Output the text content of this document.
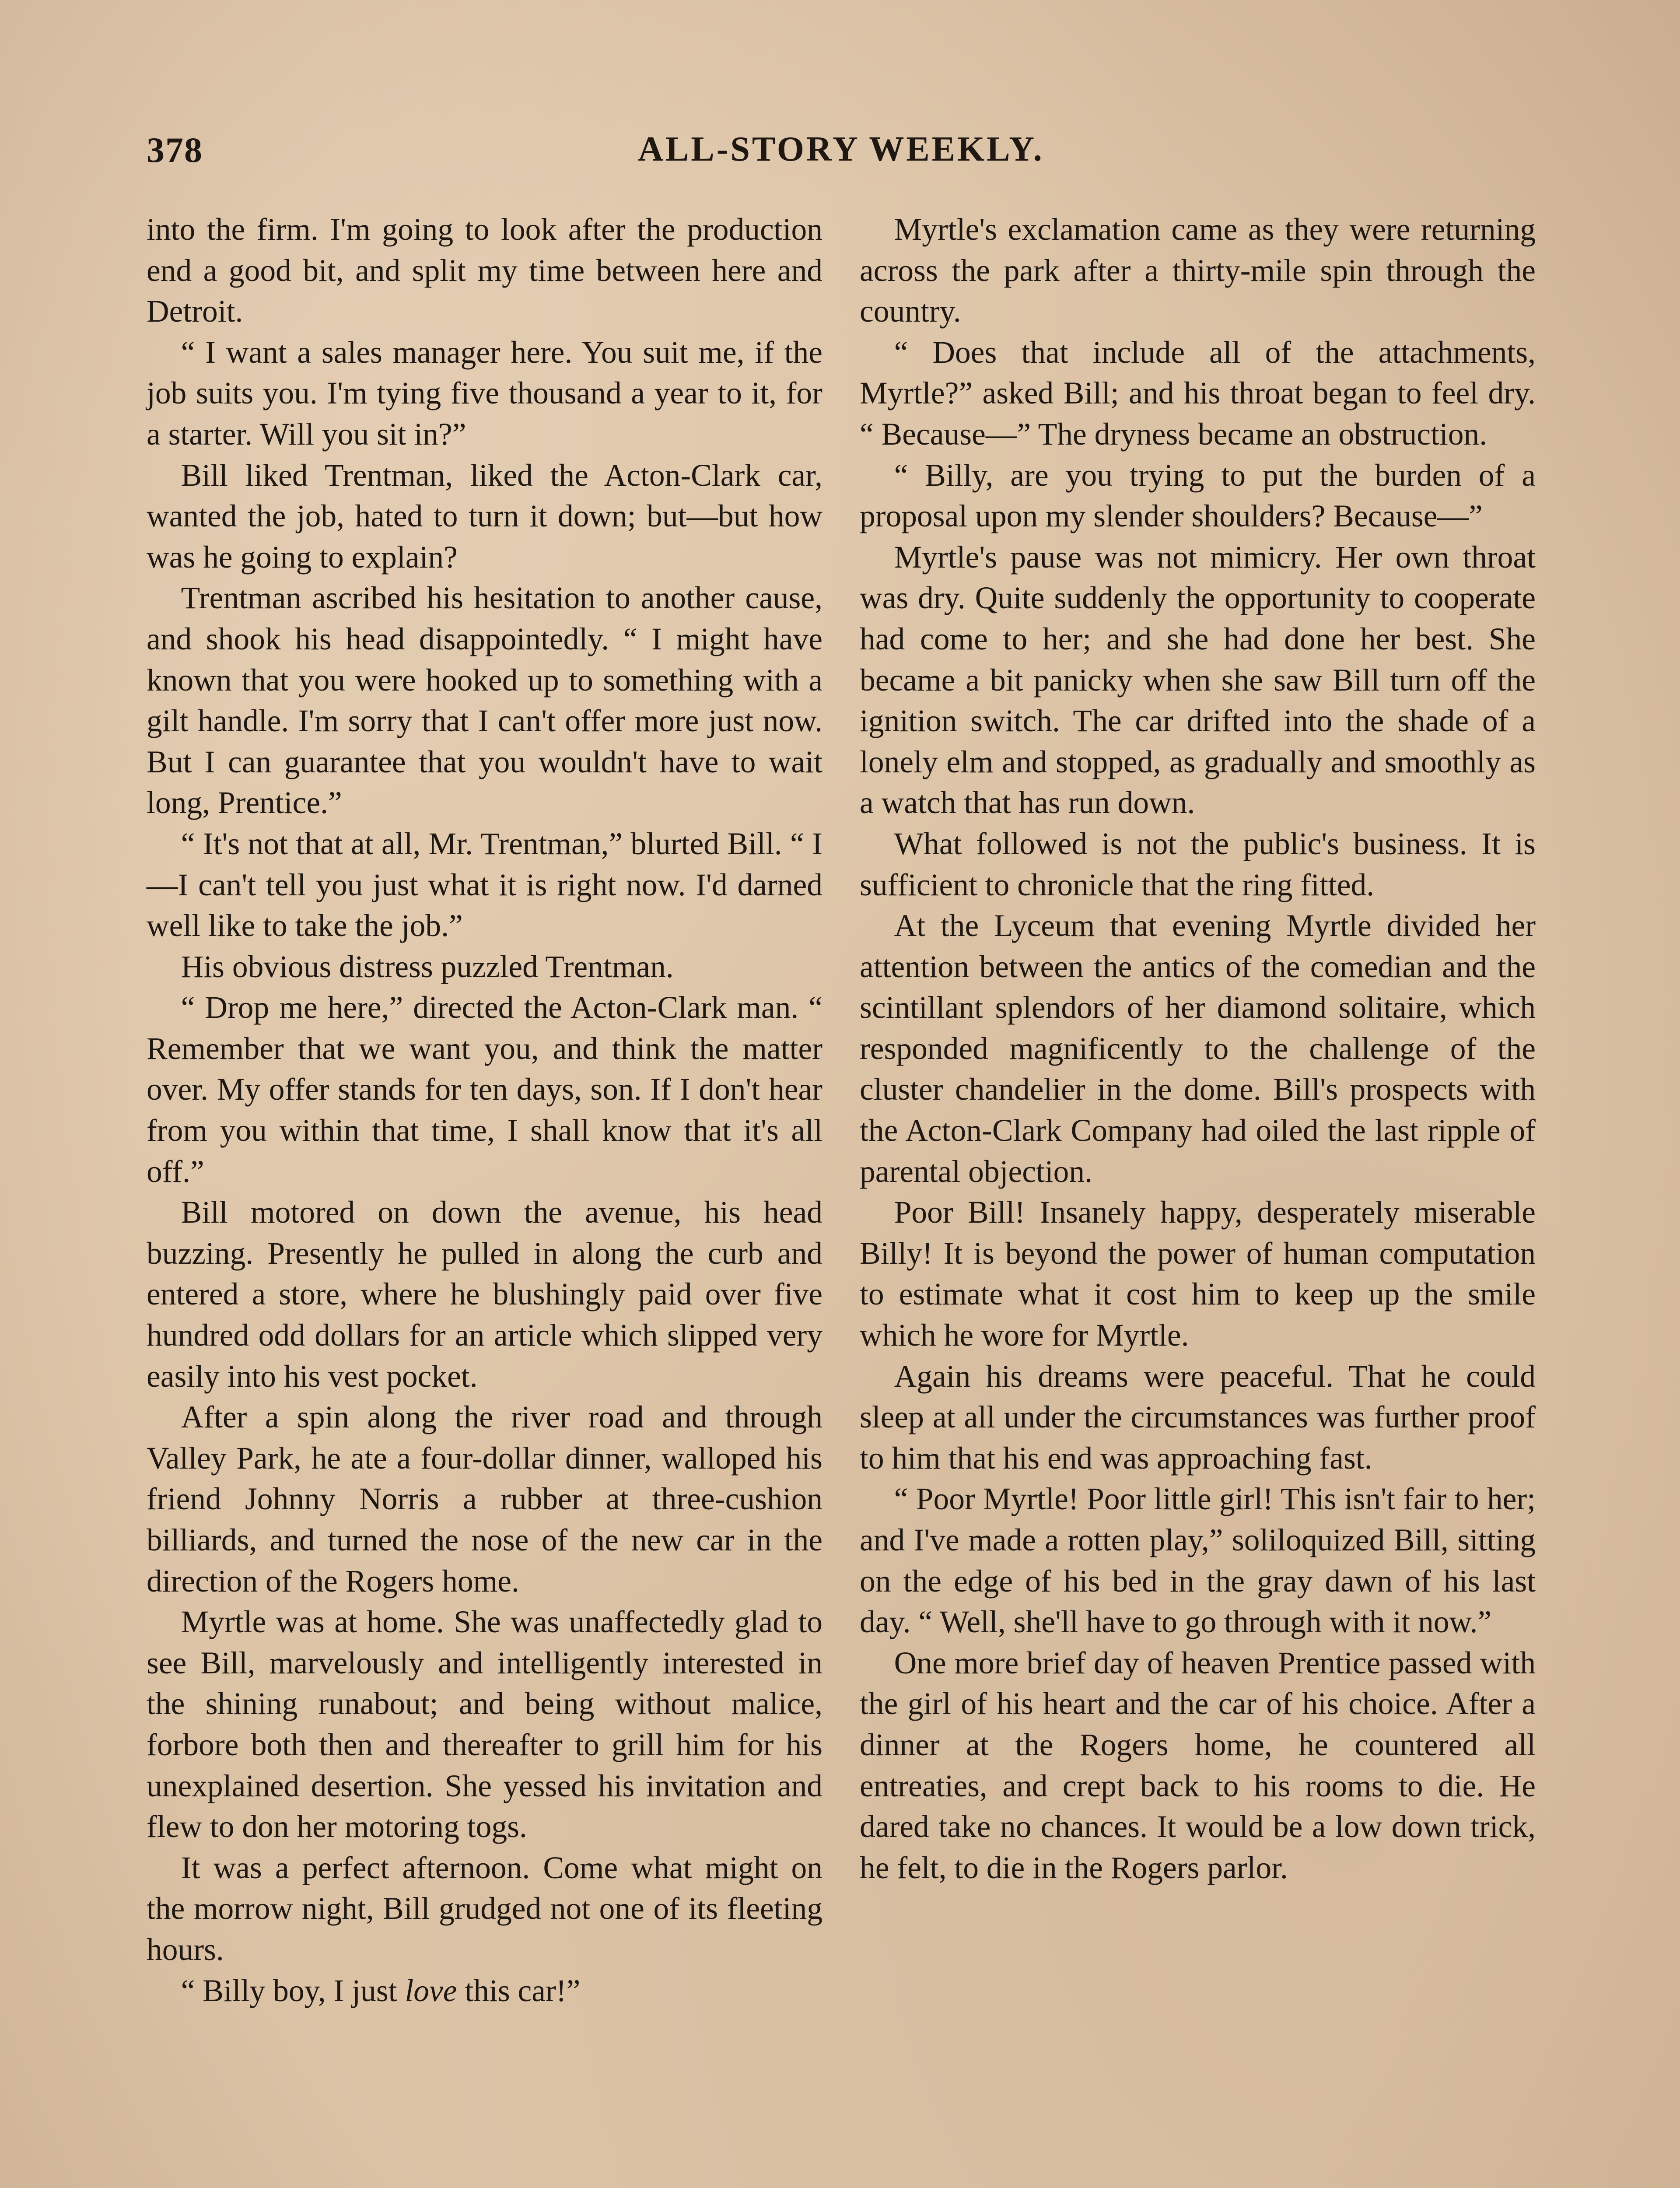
378	ALL-STORY WEEKLY.

into the firm. I'm going to look after the production end a good bit, and split my time between here and Detroit.

“ I want a sales manager here. You suit me, if the job suits you. I'm tying five thousand a year to it, for a starter. Will you sit in?”

Bill liked Trentman, liked the Acton-Clark car, wanted the job, hated to turn it down; but—but how was he going to explain?

Trentman ascribed his hesitation to another cause, and shook his head disappointedly. “ I might have known that you were hooked up to something with a gilt handle. I'm sorry that I can't offer more just now. But I can guarantee that you wouldn't have to wait long, Prentice.”

“ It's not that at all, Mr. Trentman,” blurted Bill. “ I—I can't tell you just what it is right now. I'd darned well like to take the job.”

His obvious distress puzzled Trentman.

“ Drop me here,” directed the Acton-Clark man. “ Remember that we want you, and think the matter over. My offer stands for ten days, son. If I don't hear from you within that time, I shall know that it's all off.”

Bill motored on down the avenue, his head buzzing. Presently he pulled in along the curb and entered a store, where he blushingly paid over five hundred odd dollars for an article which slipped very easily into his vest pocket.

After a spin along the river road and through Valley Park, he ate a four-dollar dinner, walloped his friend Johnny Norris a rubber at three-cushion billiards, and turned the nose of the new car in the direction of the Rogers home.

Myrtle was at home. She was unaffectedly glad to see Bill, marvelously and intelligently interested in the shining runabout; and being without malice, forbore both then and thereafter to grill him for his unexplained desertion. She yessed his invitation and flew to don her motoring togs.

It was a perfect afternoon. Come what might on the morrow night, Bill grudged not one of its fleeting hours.

“ Billy boy, I just love this car!”

Myrtle's exclamation came as they were returning across the park after a thirty-mile spin through the country.

“ Does that include all of the attachments, Myrtle?” asked Bill; and his throat began to feel dry. “ Because—” The dryness became an obstruction.

“ Billy, are you trying to put the burden of a proposal upon my slender shoulders? Because—”

Myrtle's pause was not mimicry. Her own throat was dry. Quite suddenly the opportunity to cooperate had come to her; and she had done her best. She became a bit panicky when she saw Bill turn off the ignition switch. The car drifted into the shade of a lonely elm and stopped, as gradually and smoothly as a watch that has run down.

What followed is not the public's business. It is sufficient to chronicle that the ring fitted.

At the Lyceum that evening Myrtle divided her attention between the antics of the comedian and the scintillant splendors of her diamond solitaire, which responded magnificently to the challenge of the cluster chandelier in the dome. Bill's prospects with the Acton-Clark Company had oiled the last ripple of parental objection.

Poor Bill! Insanely happy, desperately miserable Billy! It is beyond the power of human computation to estimate what it cost him to keep up the smile which he wore for Myrtle.

Again his dreams were peaceful. That he could sleep at all under the circumstances was further proof to him that his end was approaching fast.

“ Poor Myrtle! Poor little girl! This isn't fair to her; and I've made a rotten play,” soliloquized Bill, sitting on the edge of his bed in the gray dawn of his last day. “ Well, she'll have to go through with it now.”

One more brief day of heaven Prentice passed with the girl of his heart and the car of his choice. After a dinner at the Rogers home, he countered all entreaties, and crept back to his rooms to die. He dared take no chances. It would be a low down trick, he felt, to die in the Rogers parlor.
